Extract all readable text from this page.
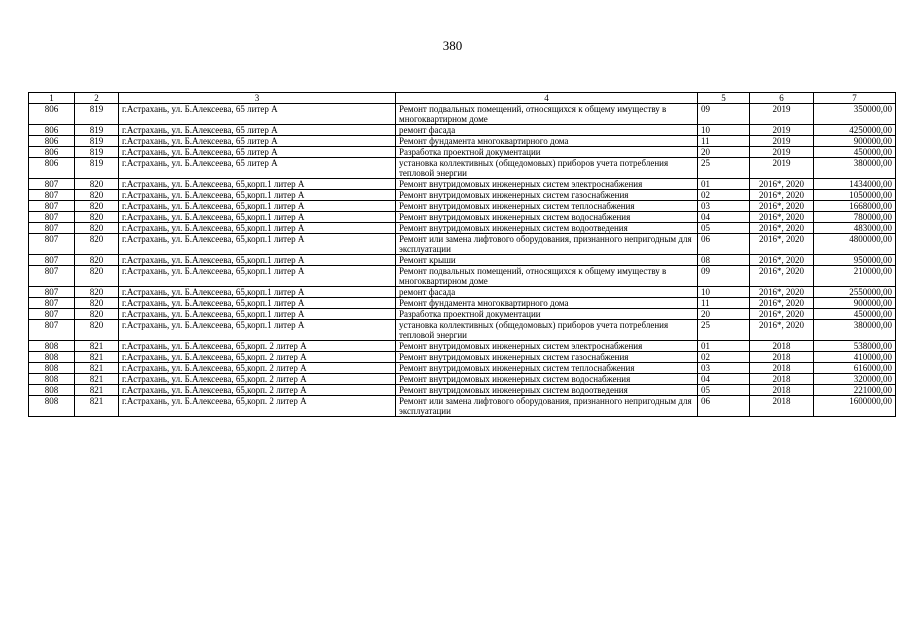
380
1	2	3	4	5	6	7
806	819	г.Астрахань, ул. Б.Алексеева, 65 литер А	Ремонт подвальных помещений, относящихся к общему имуществу в многоквартирном доме	09	2019	350000,00
806	819	г.Астрахань, ул. Б.Алексеева, 65 литер А	ремонт фасада	10	2019	4250000,00
806	819	г.Астрахань, ул. Б.Алексеева, 65 литер А	Ремонт фундамента многоквартирного дома	11	2019	900000,00
806	819	г.Астрахань, ул. Б.Алексеева, 65 литер А	Разработка проектной документации	20	2019	450000,00
806	819	г.Астрахань, ул. Б.Алексеева, 65 литер А	установка коллективных (общедомовых) приборов учета потребления тепловой энергии	25	2019	380000,00
807	820	г.Астрахань, ул. Б.Алексеева, 65,корп.1 литер А	Ремонт внутридомовых инженерных систем электроснабжения	01	2016*, 2020	1434000,00
807	820	г.Астрахань, ул. Б.Алексеева, 65,корп.1 литер А	Ремонт внутридомовых инженерных систем газоснабжения	02	2016*, 2020	1050000,00
807	820	г.Астрахань, ул. Б.Алексеева, 65,корп.1 литер А	Ремонт внутридомовых инженерных систем теплоснабжения	03	2016*, 2020	1668000,00
807	820	г.Астрахань, ул. Б.Алексеева, 65,корп.1 литер А	Ремонт внутридомовых инженерных систем водоснабжения	04	2016*, 2020	780000,00
807	820	г.Астрахань, ул. Б.Алексеева, 65,корп.1 литер А	Ремонт внутридомовых инженерных систем водоотведения	05	2016*, 2020	483000,00
807	820	г.Астрахань, ул. Б.Алексеева, 65,корп.1 литер А	Ремонт или замена лифтового оборудования, признанного непригодным для эксплуатации	06	2016*, 2020	4800000,00
807	820	г.Астрахань, ул. Б.Алексеева, 65,корп.1 литер А	Ремонт крыши	08	2016*, 2020	950000,00
807	820	г.Астрахань, ул. Б.Алексеева, 65,корп.1 литер А	Ремонт подвальных помещений, относящихся к общему имуществу в многоквартирном доме	09	2016*, 2020	210000,00
807	820	г.Астрахань, ул. Б.Алексеева, 65,корп.1 литер А	ремонт фасада	10	2016*, 2020	2550000,00
807	820	г.Астрахань, ул. Б.Алексеева, 65,корп.1 литер А	Ремонт фундамента многоквартирного дома	11	2016*, 2020	900000,00
807	820	г.Астрахань, ул. Б.Алексеева, 65,корп.1 литер А	Разработка проектной документации	20	2016*, 2020	450000,00
807	820	г.Астрахань, ул. Б.Алексеева, 65,корп.1 литер А	установка коллективных (общедомовых) приборов учета потребления тепловой энергии	25	2016*, 2020	380000,00
808	821	г.Астрахань, ул. Б.Алексеева, 65,корп. 2 литер А	Ремонт внутридомовых инженерных систем электроснабжения	01	2018	538000,00
808	821	г.Астрахань, ул. Б.Алексеева, 65,корп. 2 литер А	Ремонт внутридомовых инженерных систем газоснабжения	02	2018	410000,00
808	821	г.Астрахань, ул. Б.Алексеева, 65,корп. 2 литер А	Ремонт внутридомовых инженерных систем теплоснабжения	03	2018	616000,00
808	821	г.Астрахань, ул. Б.Алексеева, 65,корп. 2 литер А	Ремонт внутридомовых инженерных систем водоснабжения	04	2018	320000,00
808	821	г.Астрахань, ул. Б.Алексеева, 65,корп. 2 литер А	Ремонт внутридомовых инженерных систем водоотведения	05	2018	221000,00
808	821	г.Астрахань, ул. Б.Алексеева, 65,корп. 2 литер А	Ремонт или замена лифтового оборудования, признанного непригодным для эксплуатации	06	2018	1600000,00
